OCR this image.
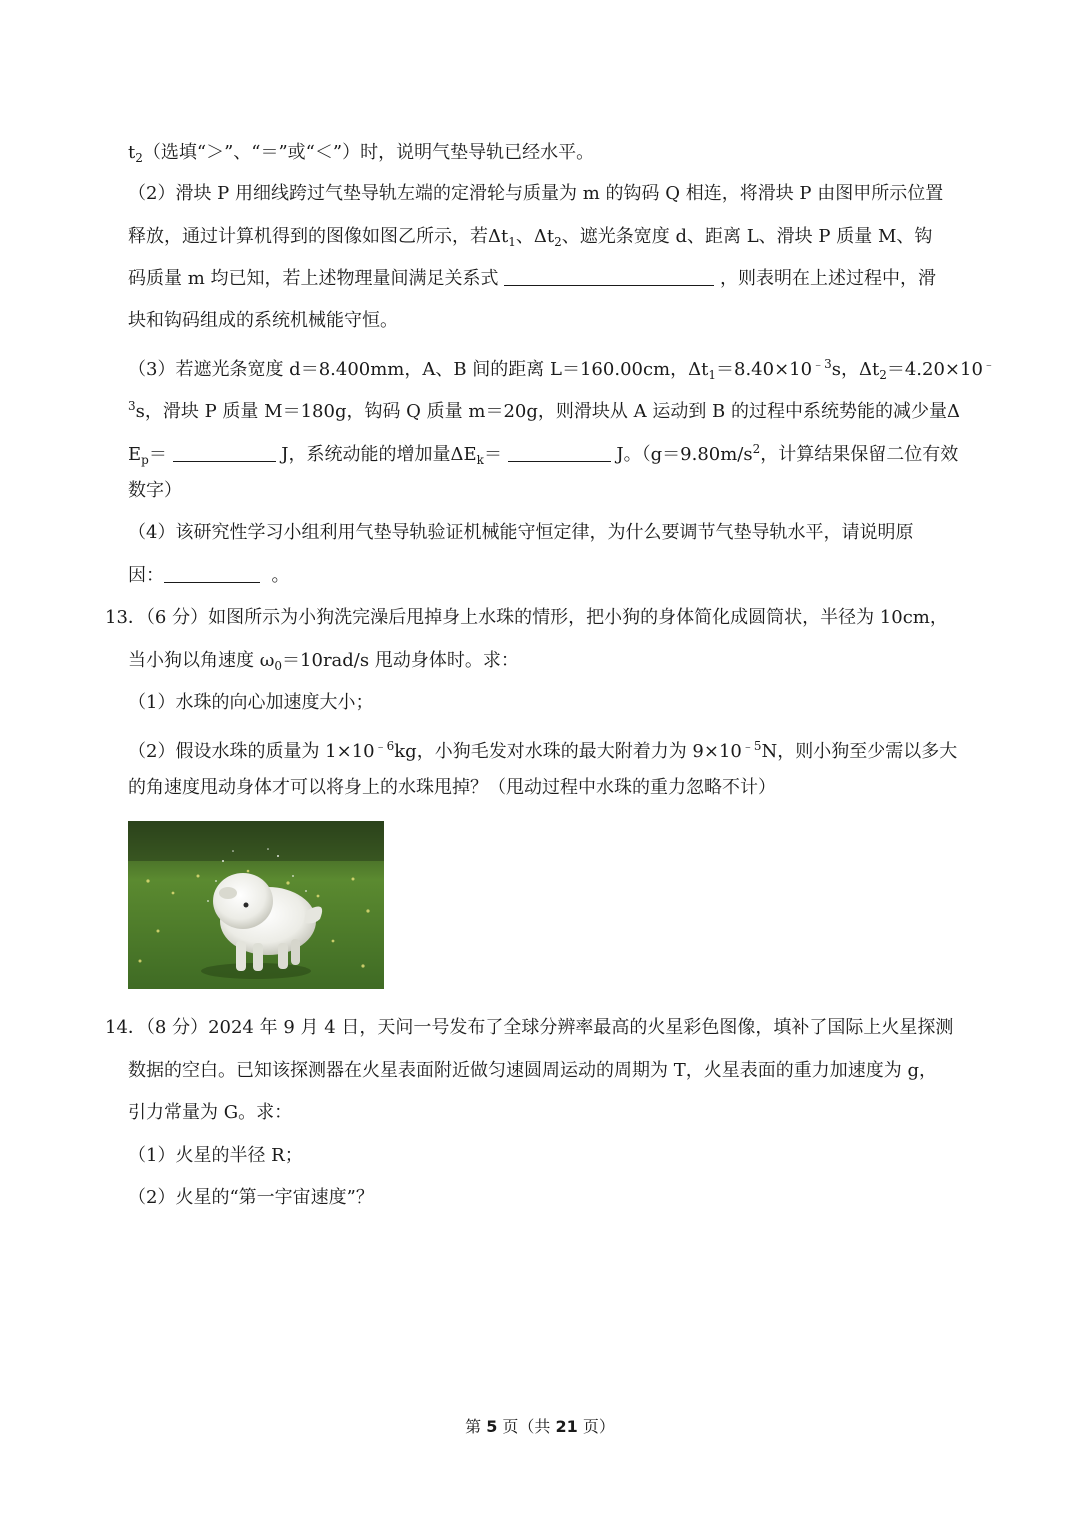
$t_2$（选填“＞”、“＝”或“＜”）时，说明气垫导轨已经水平。
（2）滑块 P 用细线跨过气垫导轨左端的定滑轮与质量为 m 的钩码 Q 相连，将滑块 P 由图甲所示位置
释放，通过计算机得到的图像如图乙所示，若$\Delta t_1$、$\Delta t_2$、遮光条宽度 d、距离 L、滑块 P 质量 M、钩
码质量 m 均已知，若上述物理量间满足关系式	，则表明在上述过程中，滑
块和钩码组成的系统机械能守恒。
（3）若遮光条宽度 d＝8.400mm，A、B 间的距离 L＝160.00cm，$\Delta t_1=8.40\times 10^{﹣3}s$，$\Delta t_2=4.20\times 10^﹣$
$^3$s，滑块 P 质量 M＝180g，钩码 Q 质量 m＝20g，则滑块从 A 运动到 B 的过程中系统势能的减少量Δ
$E_p=$	J，系统动能的增加量$\Delta E_k=$	J。（$g=9.80m/s^2$，计算结果保留二位有效
数字）
（4）该研究性学习小组利用气垫导轨验证机械能守恒定律，为什么要调节气垫导轨水平，请说明原
因：	。
13．（6 分）如图所示为小狗洗完澡后甩掉身上水珠的情形，把小狗的身体简化成圆筒状，半径为 10cm，
当小狗以角速度 $\omega_0=10rad/s$ 甩动身体时。求：
（1）水珠的向心加速度大小；
（2）假设水珠的质量为 $1\times 10^{﹣6}kg$，小狗毛发对水珠的最大附着力为 $9\times 10^{﹣5}N$，则小狗至少需以多大
的角速度甩动身体才可以将身上的水珠甩掉？（甩动过程中水珠的重力忽略不计）
14．（8 分）2024 年 9 月 4 日，天问一号发布了全球分辨率最高的火星彩色图像，填补了国际上火星探测
数据的空白。已知该探测器在火星表面附近做匀速圆周运动的周期为 T，火星表面的重力加速度为 g，
引力常量为 G。求：
（1）火星的半径 R；
（2）火星的“第一宇宙速度”？
第 5 页（共 21 页）
